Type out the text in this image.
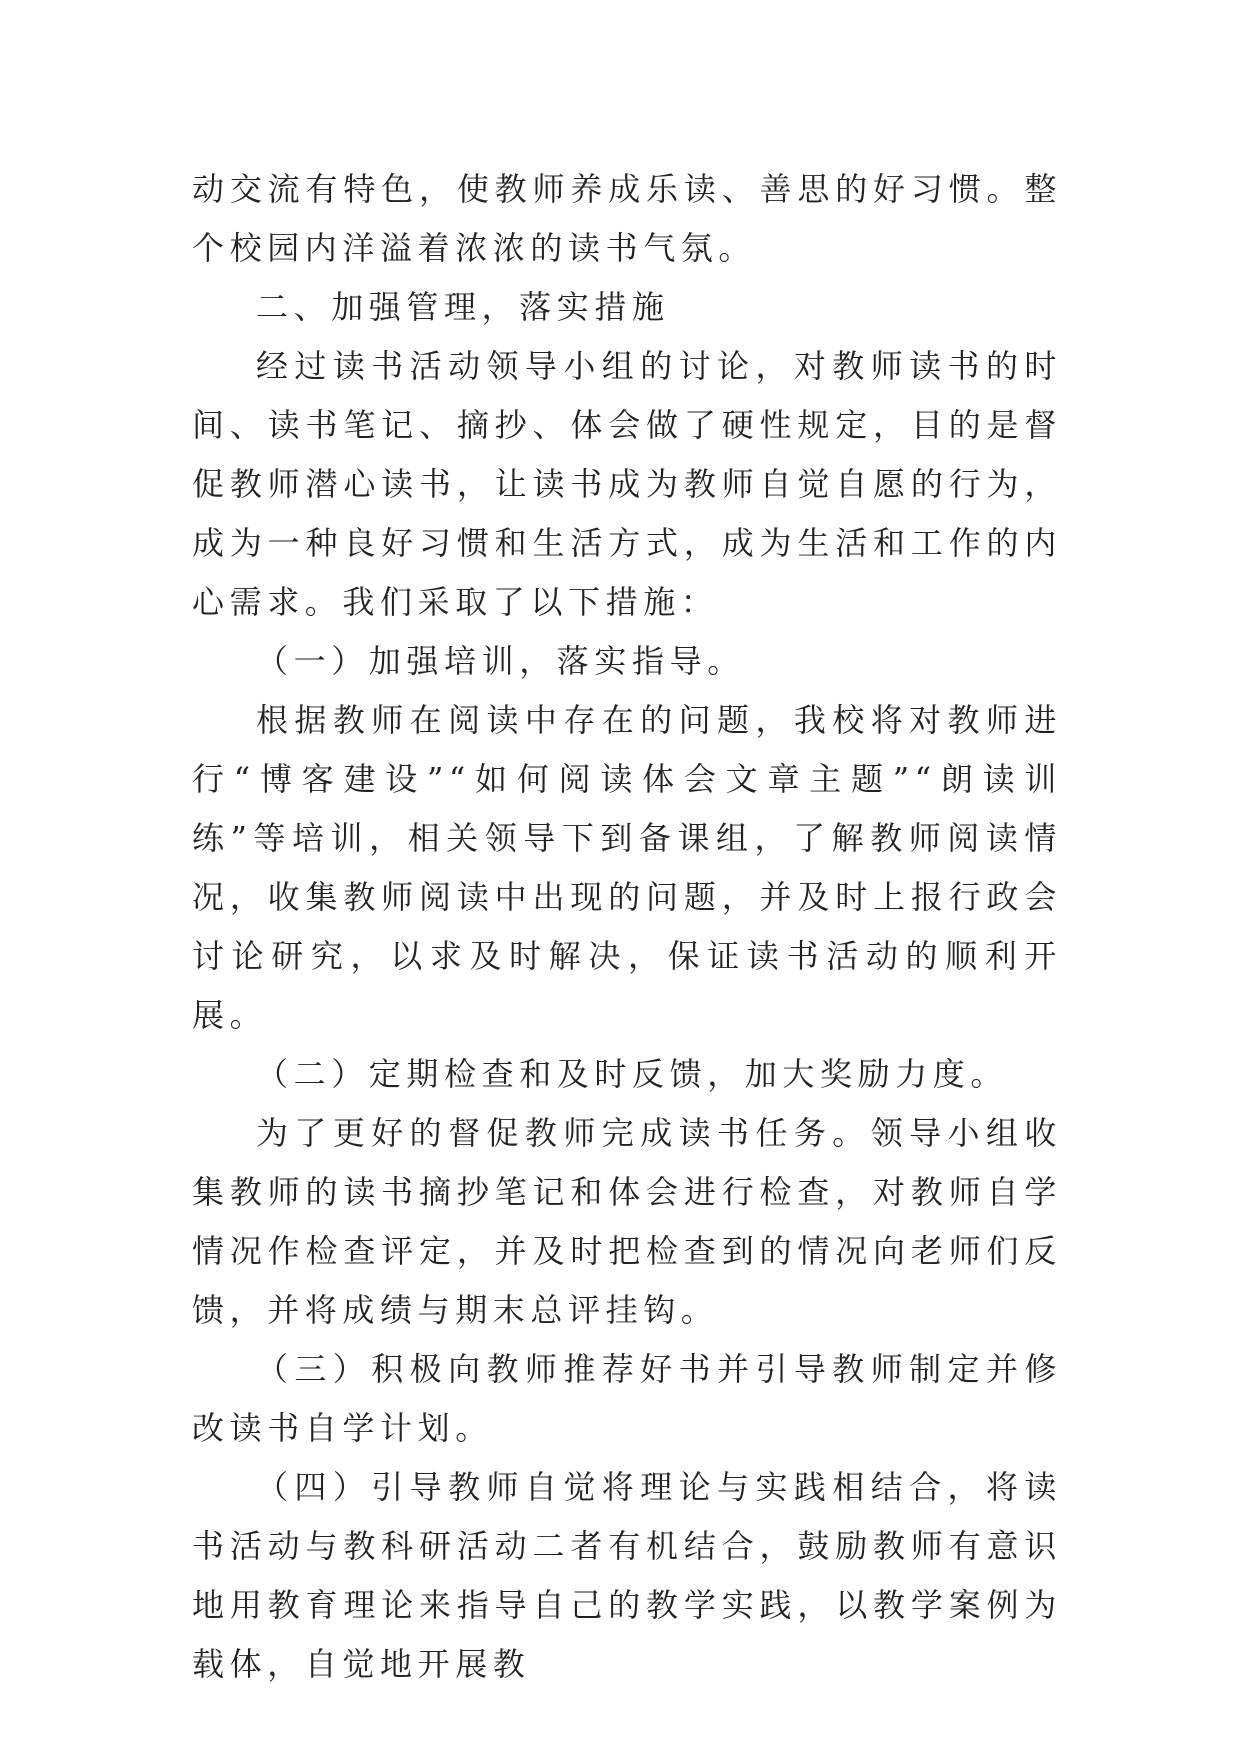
动交流有特色，使教师养成乐读、善思的好习惯。整个校园内洋溢着浓浓的读书气氛。

二、加强管理，落实措施

经过读书活动领导小组的讨论，对教师读书的时间、读书笔记、摘抄、体会做了硬性规定，目的是督促教师潜心读书，让读书成为教师自觉自愿的行为，成为一种良好习惯和生活方式，成为生活和工作的内心需求。我们采取了以下措施：

（一）加强培训，落实指导。

根据教师在阅读中存在的问题，我校将对教师进行“博客建设”“如何阅读体会文章主题”“朗读训练”等培训，相关领导下到备课组，了解教师阅读情况，收集教师阅读中出现的问题，并及时上报行政会讨论研究，以求及时解决，保证读书活动的顺利开展。

（二）定期检查和及时反馈，加大奖励力度。

为了更好的督促教师完成读书任务。领导小组收集教师的读书摘抄笔记和体会进行检查，对教师自学情况作检查评定，并及时把检查到的情况向老师们反馈，并将成绩与期末总评挂钩。

（三）积极向教师推荐好书并引导教师制定并修改读书自学计划。

（四）引导教师自觉将理论与实践相结合，将读书活动与教科研活动二者有机结合，鼓励教师有意识地用教育理论来指导自己的教学实践，以教学案例为载体，自觉地开展教
